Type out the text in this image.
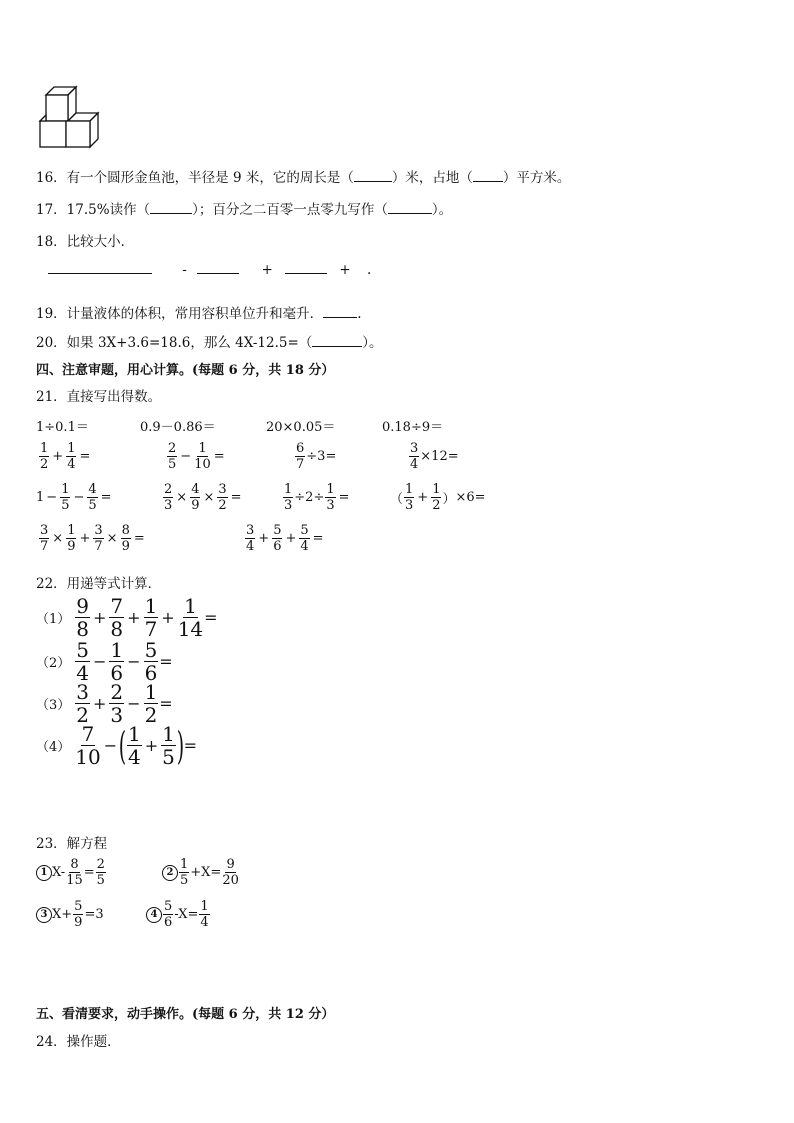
16．有一个圆形金鱼池，半径是 9 米，它的周长是（	）米，占地（ ）平方米。
17．17.5%读作（	）；百分之二百零一点零九写作（	）。
18．比较大小．
-	+	+ .
19．计量液体的体积，常用容积单位升和毫升．	.
20．如果 3X+3.6=18.6，那么 4X-12.5=（	）。
四、注意审题，用心计算。(每题 6 分，共 18 分）
21．直接写出得数。
1÷0.1＝	0.9－0.86＝	20×0.05＝	0.18÷9＝
$\frac{1}{2} + \frac{1}{4}$ =	$\frac{2}{5} - \frac{1}{10}$ =	$\frac{6}{7} \div 3=$	$\frac{3}{4} \times 12=$
$1 - \frac{1}{5} - \frac{4}{5}$ =	$\frac{2}{3} \times \frac{4}{9} \times \frac{3}{2}$ =	$\frac{1}{3} \div 2\div \frac{1}{3}$ =	（ $\frac{1}{3} + \frac{1}{2}$ ） ×6=
$\frac{3}{7} \times \frac{1}{9} + \frac{3}{7} \times \frac{8}{9}$ =	$\frac{3}{4} + \frac{5}{6} + \frac{5}{4}$ =
22．用递等式计算．
$(1) \frac{9}{8} + \frac{7}{8} + \frac{1}{7} + \frac{1}{14}$ =
$(2) \frac{5}{4} - \frac{1}{6} - \frac{5}{6}$ =
$(3) \frac{3}{2} + \frac{2}{3} - \frac{1}{2}$ =
$(4) \frac{7}{10}$ − ( $\frac{1}{4} + \frac{1}{5}$ ) =
23．解方程
1 $X- \frac{8}{15} = \frac{2}{5}$	$2 \frac{1}{5} +X= \frac{9}{20}$
3 $X+ \frac{5}{9} =3$	$4 \frac{5}{6} -X= \frac{1}{4}$
五、看清要求，动手操作。(每题 6 分，共 12 分）
24．操作题．
